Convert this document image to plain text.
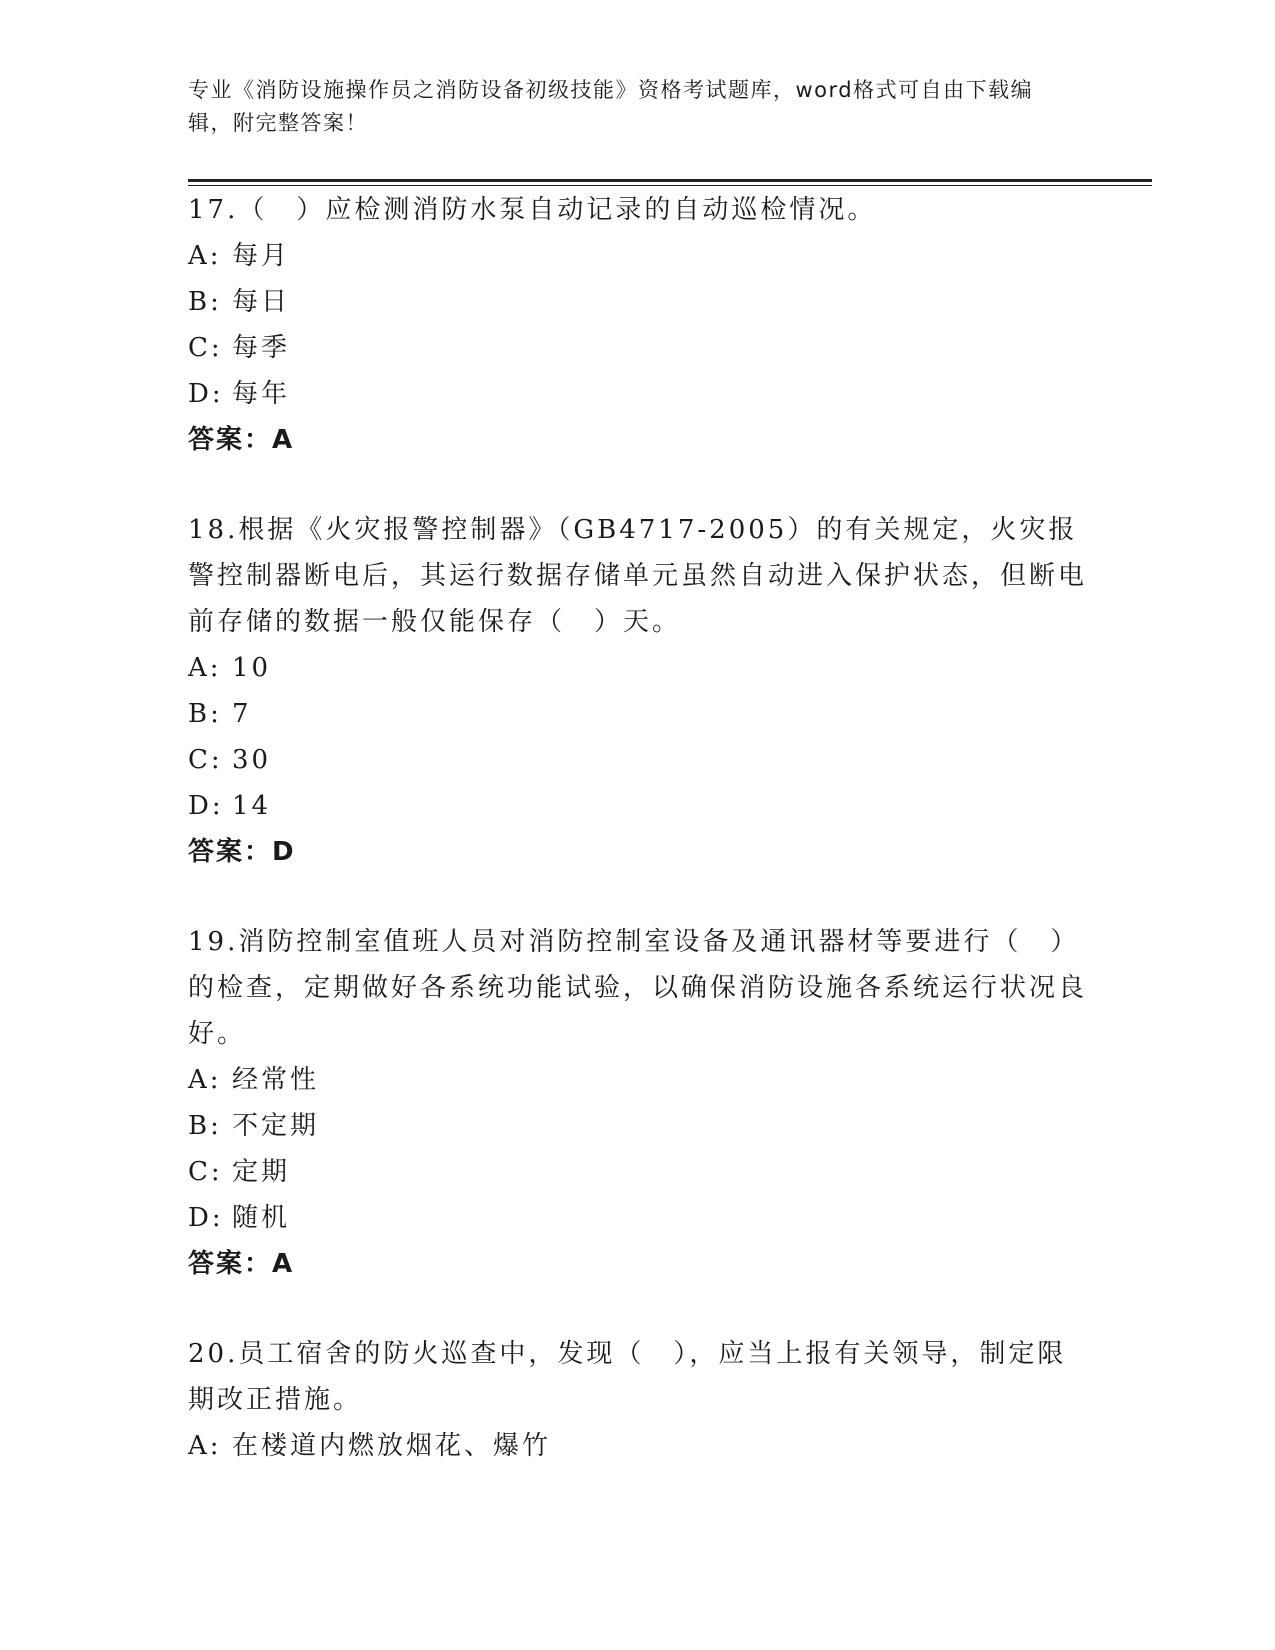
专业《消防设施操作员之消防设备初级技能》资格考试题库，word格式可自由下载编辑，附完整答案！

17.（　）应检测消防水泵自动记录的自动巡检情况。

A: 每月
B: 每日
C: 每季
D: 每年
答案：A

18.根据《火灾报警控制器》（GB4717-2005）的有关规定，火灾报警控制器断电后，其运行数据存储单元虽然自动进入保护状态，但断电前存储的数据一般仅能保存（　）天。

A: 10
B: 7
C: 30
D: 14
答案：D

19.消防控制室值班人员对消防控制室设备及通讯器材等要进行（　）的检查，定期做好各系统功能试验，以确保消防设施各系统运行状况良好。

A: 经常性
B: 不定期
C: 定期
D: 随机
答案：A

20.员工宿舍的防火巡查中，发现（　），应当上报有关领导，制定限期改正措施。

A: 在楼道内燃放烟花、爆竹
